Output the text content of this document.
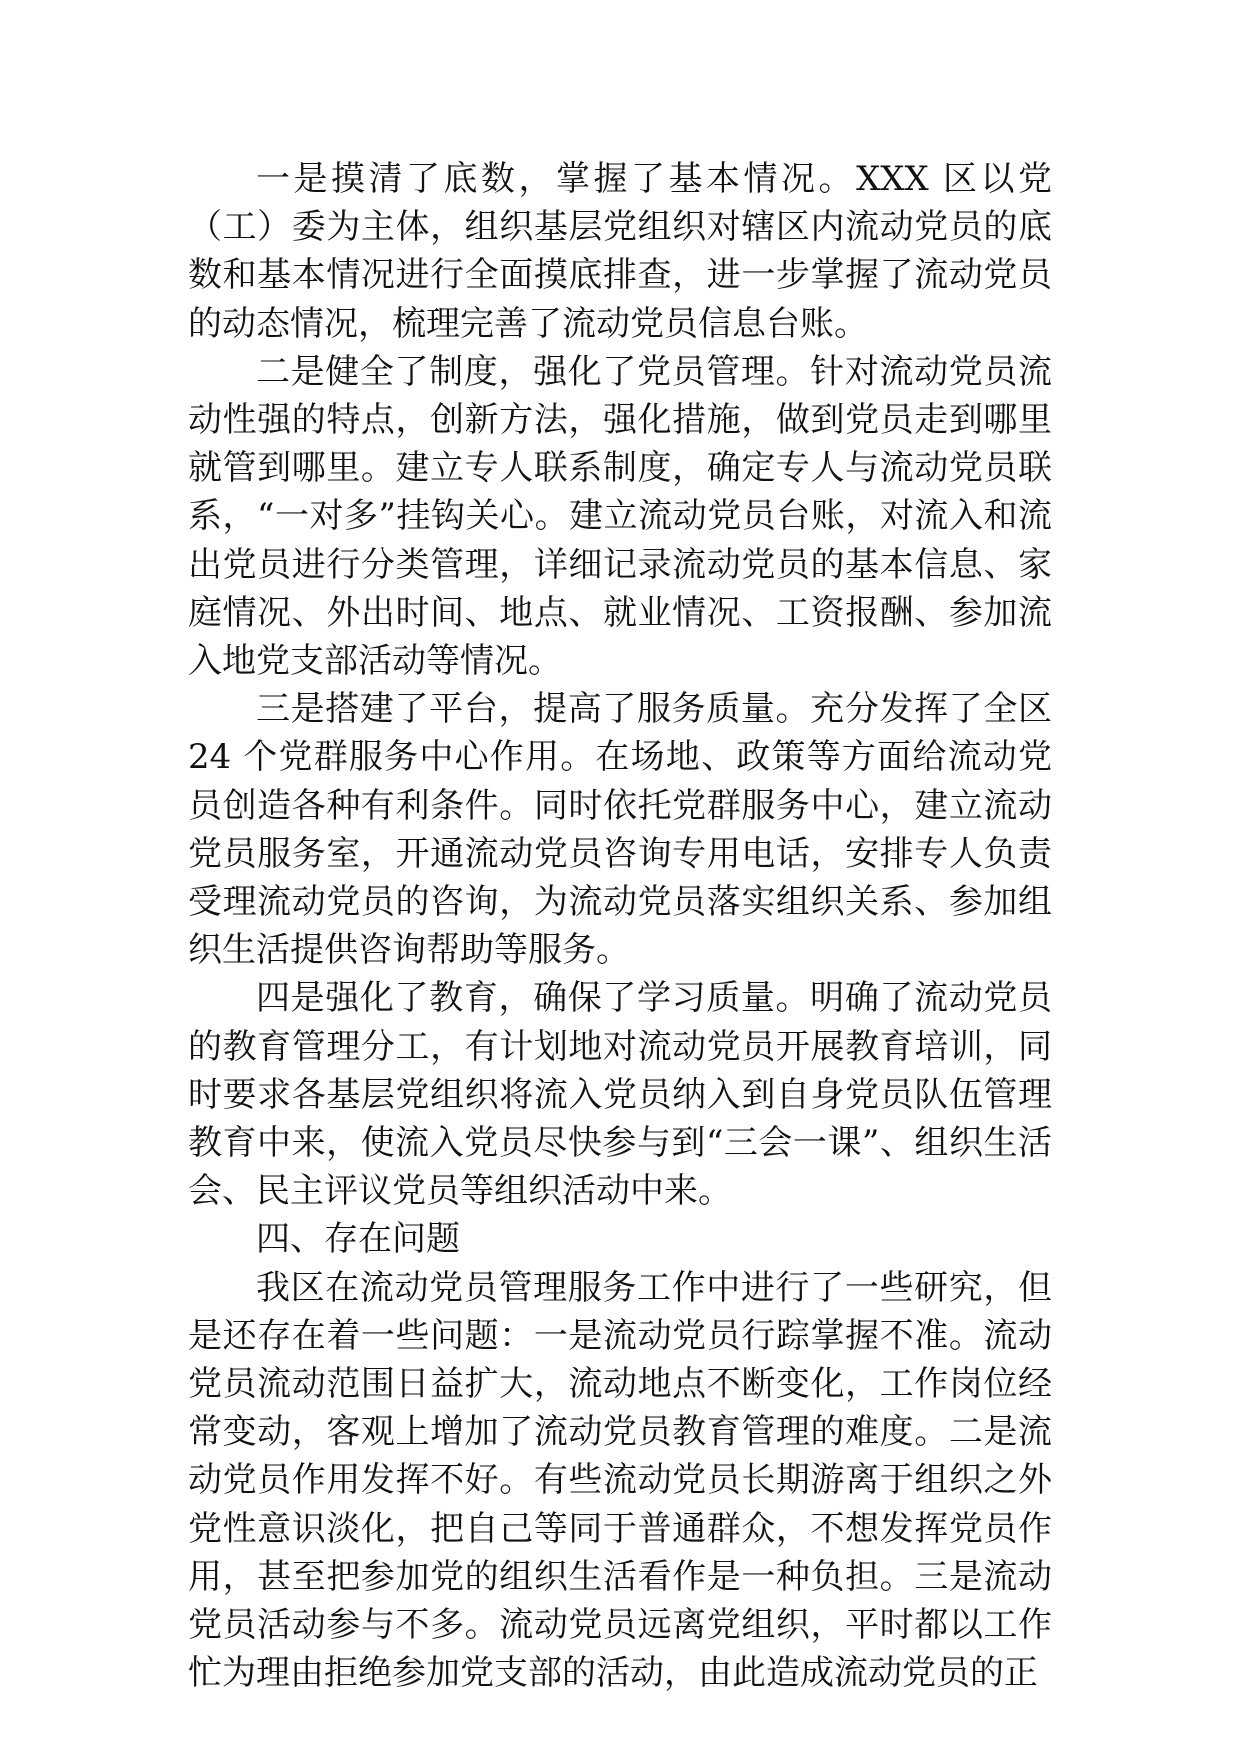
一是摸清了底数，掌握了基本情况。XXX 区以党（工）委为主体，组织基层党组织对辖区内流动党员的底数和基本情况进行全面摸底排查，进一步掌握了流动党员的动态情况，梳理完善了流动党员信息台账。

二是健全了制度，强化了党员管理。针对流动党员流动性强的特点，创新方法，强化措施，做到党员走到哪里就管到哪里。建立专人联系制度，确定专人与流动党员联系，“一对多”挂钩关心。建立流动党员台账，对流入和流出党员进行分类管理，详细记录流动党员的基本信息、家庭情况、外出时间、地点、就业情况、工资报酬、参加流入地党支部活动等情况。

三是搭建了平台，提高了服务质量。充分发挥了全区 24 个党群服务中心作用。在场地、政策等方面给流动党员创造各种有利条件。同时依托党群服务中心，建立流动党员服务室，开通流动党员咨询专用电话，安排专人负责受理流动党员的咨询，为流动党员落实组织关系、参加组织生活提供咨询帮助等服务。

四是强化了教育，确保了学习质量。明确了流动党员的教育管理分工，有计划地对流动党员开展教育培训，同时要求各基层党组织将流入党员纳入到自身党员队伍管理教育中来，使流入党员尽快参与到“三会一课”、组织生活会、民主评议党员等组织活动中来。

四、存在问题

我区在流动党员管理服务工作中进行了一些研究，但是还存在着一些问题：一是流动党员行踪掌握不准。流动党员流动范围日益扩大，流动地点不断变化，工作岗位经常变动，客观上增加了流动党员教育管理的难度。二是流动党员作用发挥不好。有些流动党员长期游离于组织之外党性意识淡化，把自己等同于普通群众，不想发挥党员作用，甚至把参加党的组织生活看作是一种负担。三是流动党员活动参与不多。流动党员远离党组织，平时都以工作忙为理由拒绝参加党支部的活动，由此造成流动党员的正
